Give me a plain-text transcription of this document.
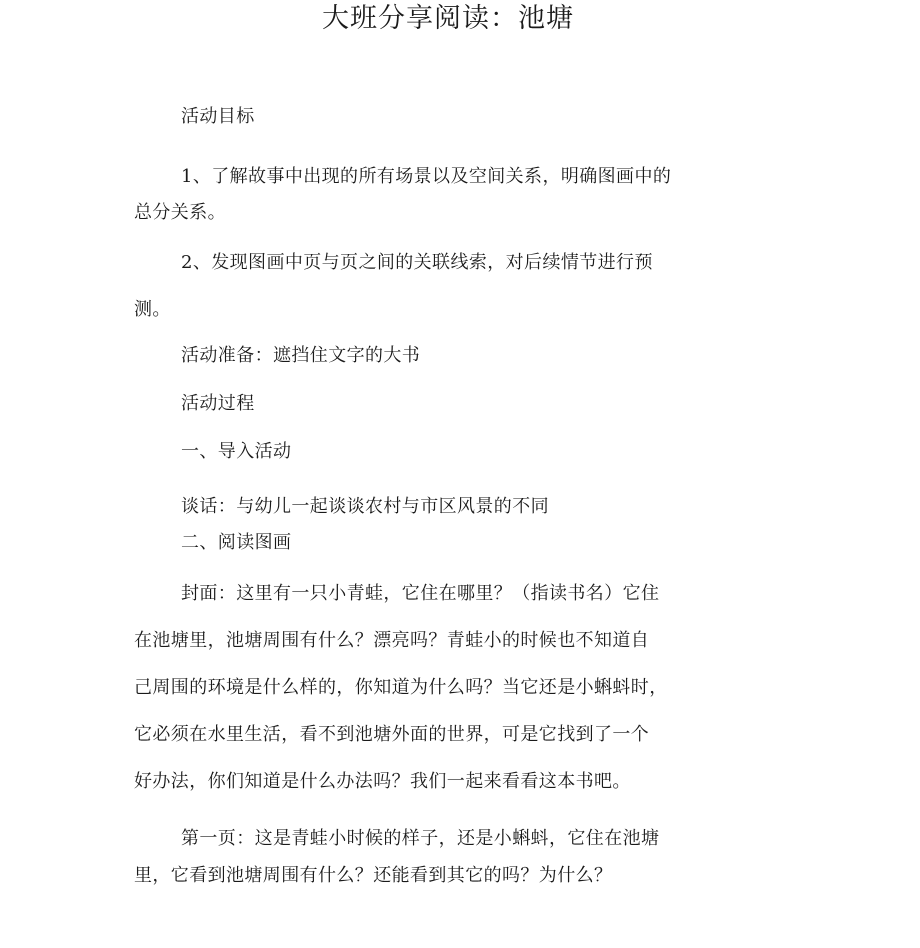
大班分享阅读：池塘
活动目标
1、了解故事中出现的所有场景以及空间关系，明确图画中的
总分关系。
2、发现图画中页与页之间的关联线索，对后续情节进行预
测。
活动准备：遮挡住文字的大书
活动过程
一、导入活动
谈话：与幼儿一起谈谈农村与市区风景的不同
二、阅读图画
封面：这里有一只小青蛙，它住在哪里？（指读书名）它住
在池塘里，池塘周围有什么？漂亮吗？青蛙小的时候也不知道自
己周围的环境是什么样的，你知道为什么吗？当它还是小蝌蚪时，
它必须在水里生活，看不到池塘外面的世界，可是它找到了一个
好办法，你们知道是什么办法吗？我们一起来看看这本书吧。
第一页：这是青蛙小时候的样子，还是小蝌蚪，它住在池塘
里，它看到池塘周围有什么？还能看到其它的吗？为什么？
